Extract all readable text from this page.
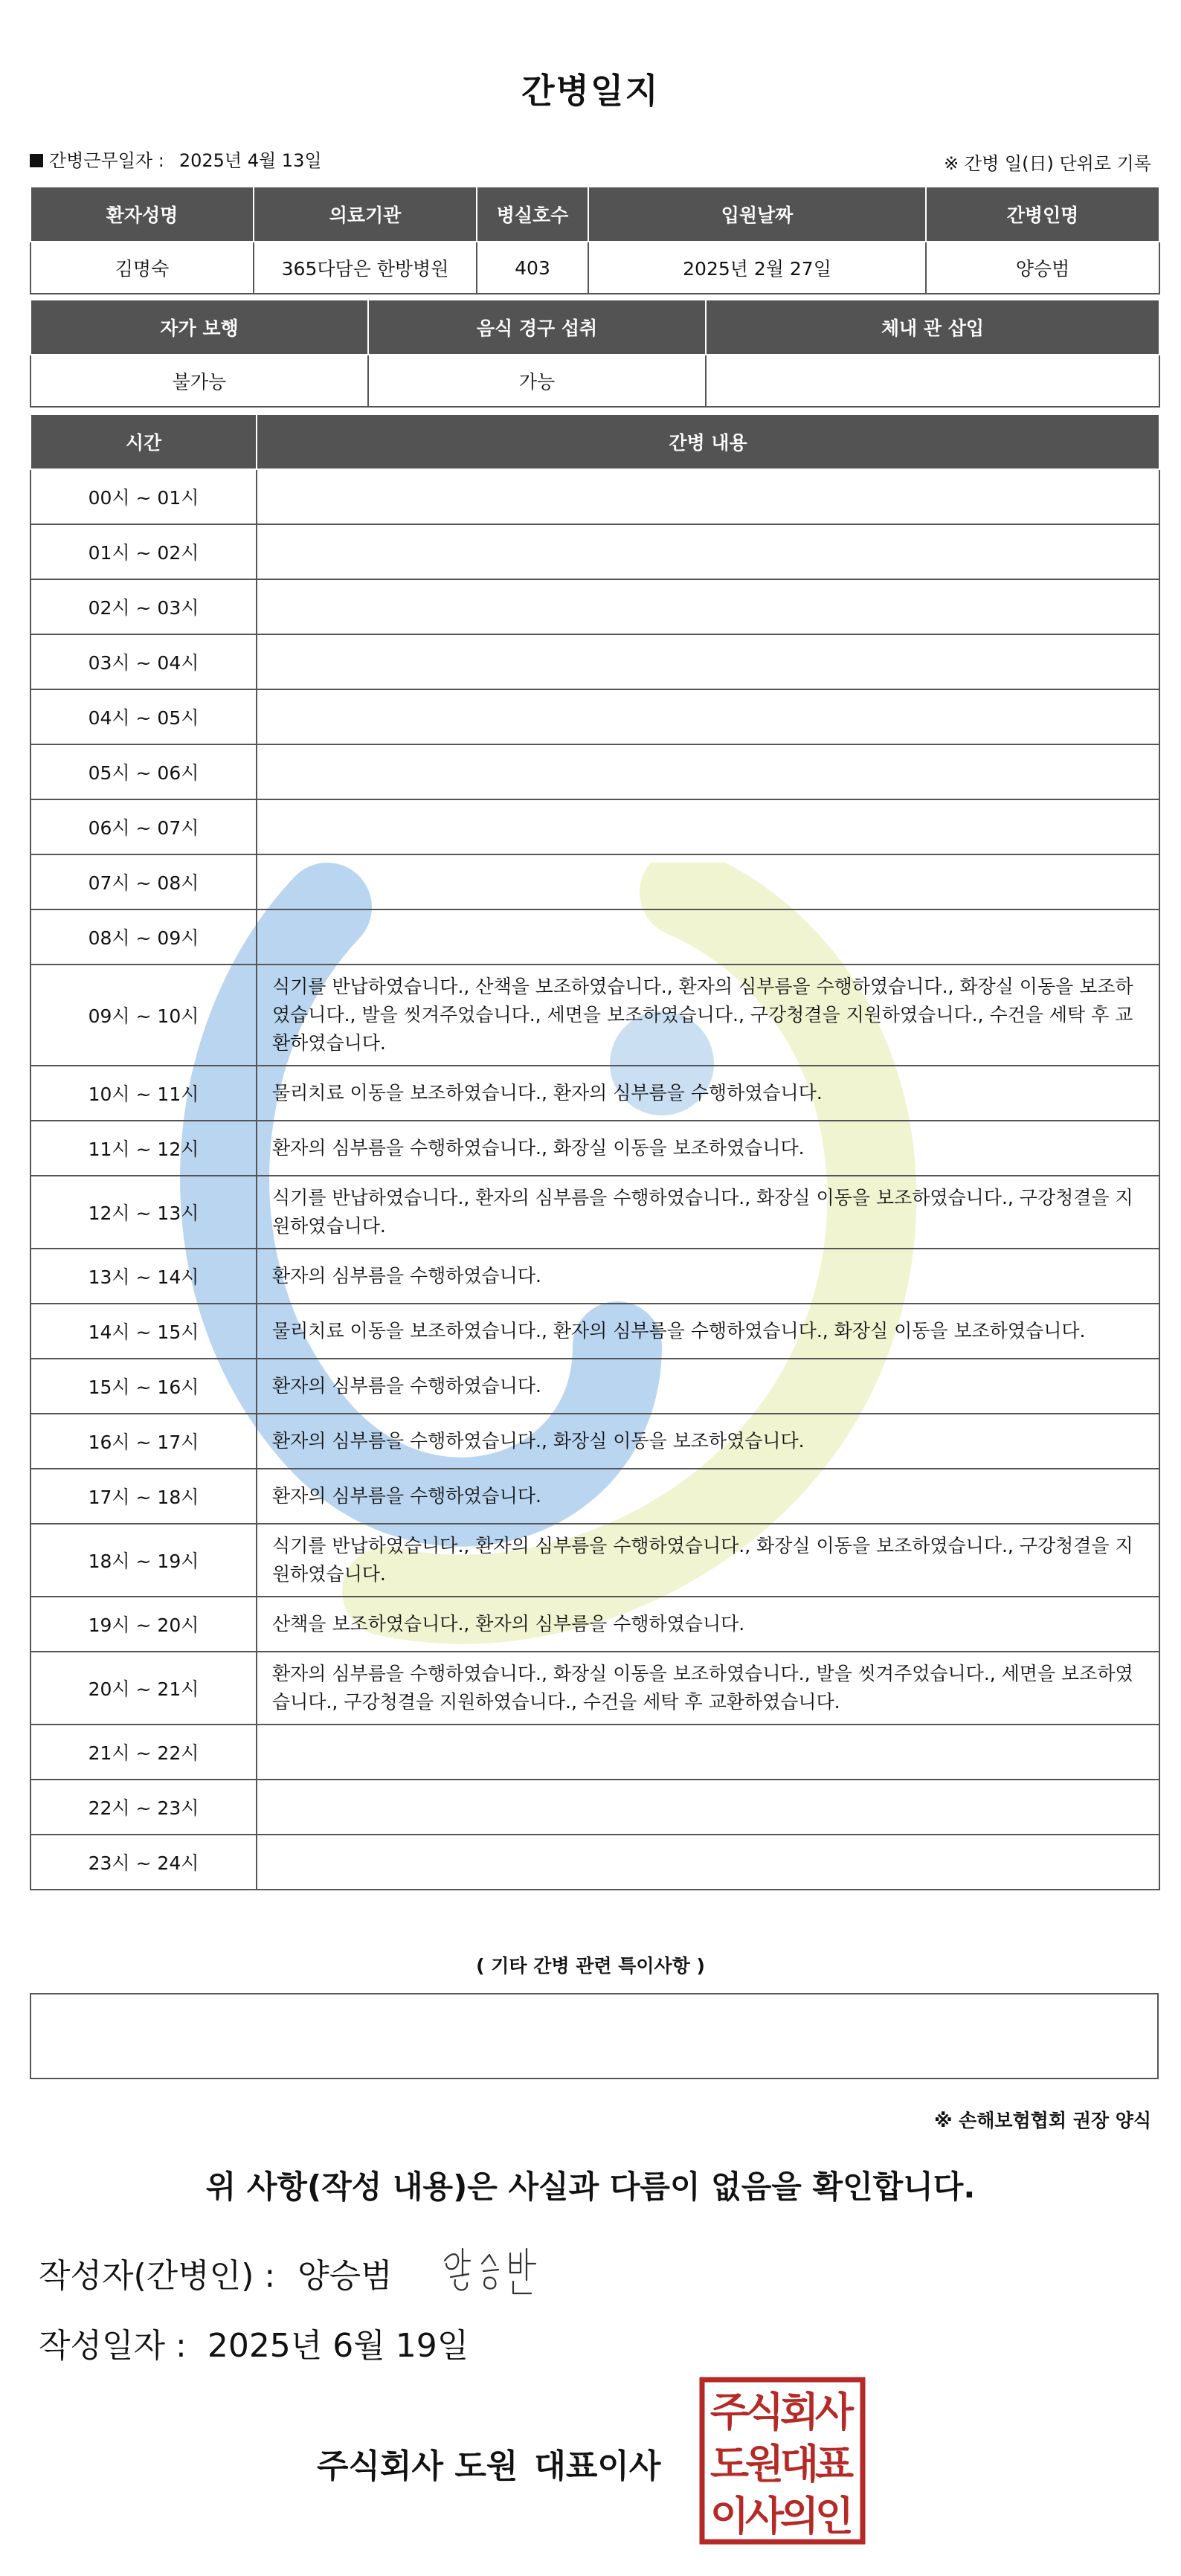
간병일지
간병근무일자 : 2025년 4월 13일	※ 간병 일(日) 단위로 기록
환자성명	의료기관	병실호수	입원날짜	간병인명
김명숙	365다담은 한방병원	403	2025년 2월 27일	양승범
자가 보행	음식 경구 섭취	체내 관 삽입
불가능	가능	
시간	간병 내용
00시 ~ 01시	
01시 ~ 02시	
02시 ~ 03시	
03시 ~ 04시	
04시 ~ 05시	
05시 ~ 06시	
06시 ~ 07시	
07시 ~ 08시	
08시 ~ 09시	
09시 ~ 10시	식기를 반납하였습니다., 산책을 보조하였습니다., 환자의 심부름을 수행하였습니다., 화장실 이동을 보조하였습니다., 발을 씻겨주었습니다., 세면을 보조하였습니다., 구강청결을 지원하였습니다., 수건을 세탁 후 교환하였습니다.
10시 ~ 11시	물리치료 이동을 보조하였습니다., 환자의 심부름을 수행하였습니다.
11시 ~ 12시	환자의 심부름을 수행하였습니다., 화장실 이동을 보조하였습니다.
12시 ~ 13시	식기를 반납하였습니다., 환자의 심부름을 수행하였습니다., 화장실 이동을 보조하였습니다., 구강청결을 지원하였습니다.
13시 ~ 14시	환자의 심부름을 수행하였습니다.
14시 ~ 15시	물리치료 이동을 보조하였습니다., 환자의 심부름을 수행하였습니다., 화장실 이동을 보조하였습니다.
15시 ~ 16시	환자의 심부름을 수행하였습니다.
16시 ~ 17시	환자의 심부름을 수행하였습니다., 화장실 이동을 보조하였습니다.
17시 ~ 18시	환자의 심부름을 수행하였습니다.
18시 ~ 19시	식기를 반납하였습니다., 환자의 심부름을 수행하였습니다., 화장실 이동을 보조하였습니다., 구강청결을 지원하였습니다.
19시 ~ 20시	산책을 보조하였습니다., 환자의 심부름을 수행하였습니다.
20시 ~ 21시	환자의 심부름을 수행하였습니다., 화장실 이동을 보조하였습니다., 발을 씻겨주었습니다., 세면을 보조하였습니다., 구강청결을 지원하였습니다., 수건을 세탁 후 교환하였습니다.
21시 ~ 22시	
22시 ~ 23시	
23시 ~ 24시	
( 기타 간병 관련 특이사항 )
※ 손해보험협회 권장 양식
위 사항(작성 내용)은 사실과 다름이 없음을 확인합니다.
작성자(간병인) : 양승범
작성일자 : 2025년 6월 19일
주식회사 도원 대표이사
주
식
회
사
도
원
대
표
이
사
의
인
